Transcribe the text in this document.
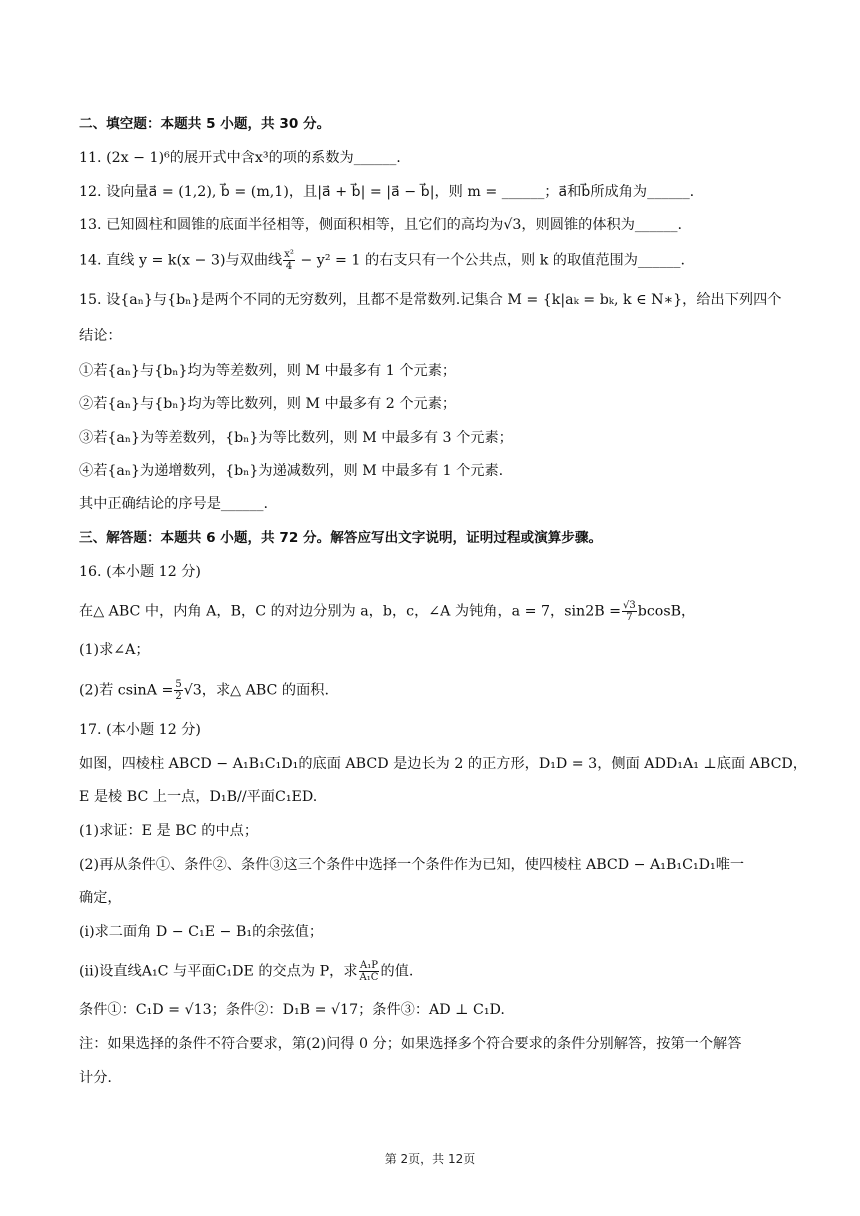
二、填空题：本题共 5 小题，共 30 分。
11. (2x − 1)⁶的展开式中含x³的项的系数为______.
12. 设向量a⃗ = (1,2), b⃗ = (m,1)，且|a⃗ + b⃗| = |a⃗ − b⃗|，则 m = ______；a⃗和b⃗所成角为______.
13. 已知圆柱和圆锥的底面半径相等，侧面积相等，且它们的高均为√3，则圆锥的体积为______.
14. 直线 y = k(x − 3)与双曲线 $\frac{\text{x²}}{4} - y^2 = 1$ 的右支只有一个公共点，则 k 的取值范围为______.
15. 设{aₙ}与{bₙ}是两个不同的无穷数列，且都不是常数列.记集合 M = {k|aₖ = bₖ, k ∈ N∗}，给出下列四个
结论：
①若{aₙ}与{bₙ}均为等差数列，则 M 中最多有 1 个元素；
②若{aₙ}与{bₙ}均为等比数列，则 M 中最多有 2 个元素；
③若{aₙ}为等差数列，{bₙ}为等比数列，则 M 中最多有 3 个元素；
④若{aₙ}为递增数列，{bₙ}为递减数列，则 M 中最多有 1 个元素.
其中正确结论的序号是______.
三、解答题：本题共 6 小题，共 72 分。解答应写出文字说明，证明过程或演算步骤。
16. (本小题 12 分)
在△ ABC 中，内角 A，B，C 的对边分别为 a，b，c，∠A 为钝角，a = 7，$\sin 2B = \frac{√3}{7}$ bcosB，
(1)求∠A；
(2)若 $csinA = \frac{5}{2} √3$，求△ ABC 的面积.
17. (本小题 12 分)
如图，四棱柱 ABCD − A₁B₁C₁D₁的底面 ABCD 是边长为 2 的正方形，D₁D = 3，侧面 ADD₁A₁ ⊥底面 ABCD，
E 是棱 BC 上一点，D₁B//平面C₁ED.
(1)求证：E 是 BC 的中点；
(2)再从条件①、条件②、条件③这三个条件中选择一个条件作为已知，使四棱柱 ABCD − A₁B₁C₁D₁唯一
确定，
(i)求二面角 D − C₁E − B₁的余弦值；
(ii)设直线A₁C 与平面C₁DE 的交点为 P，求 $\frac{\text{A₁P}}{\text{A₁C}}$ 的值.
条件①：C₁D = √13；条件②：D₁B = √17；条件③：AD ⊥ C₁D.
注：如果选择的条件不符合要求，第(2)问得 0 分；如果选择多个符合要求的条件分别解答，按第一个解答
计分.
第 2页，共 12页
